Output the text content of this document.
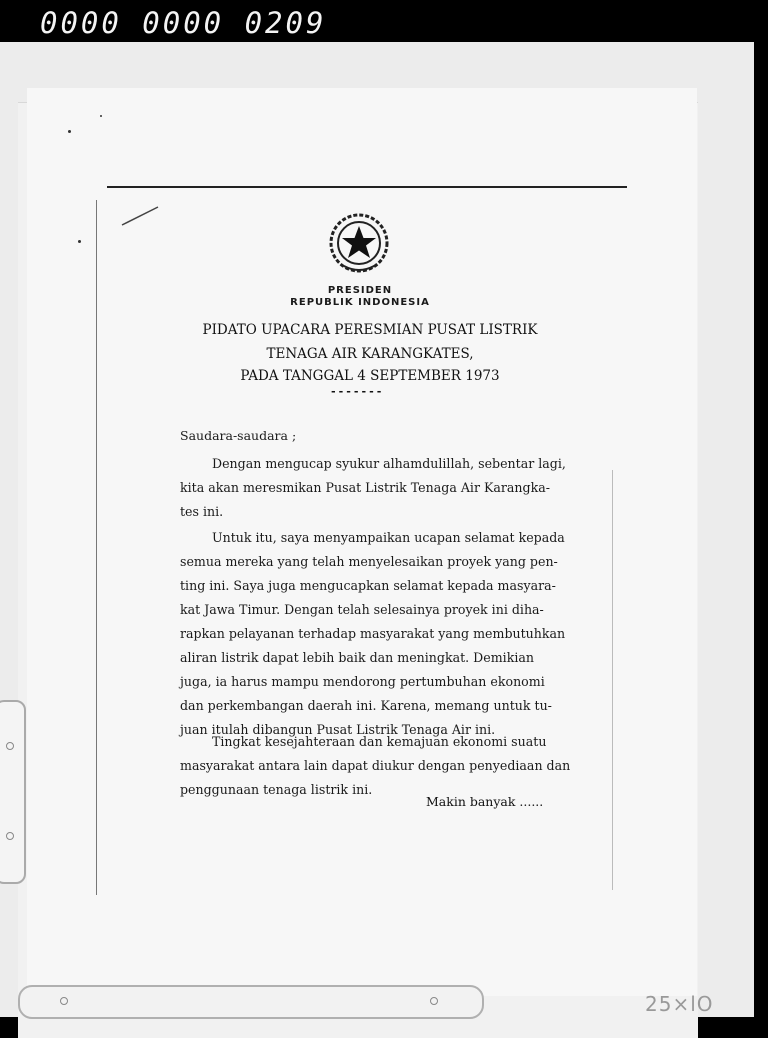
0000 0000 0209
PRESIDEN
REPUBLIK INDONESIA
PIDATO UPACARA PERESMIAN PUSAT LISTRIK
TENAGA AIR KARANGKATES,
PADA TANGGAL 4 SEPTEMBER 1973
-------
Saudara-saudara ;
Dengan mengucap syukur alhamdulillah, sebentar lagi,
kita akan meresmikan Pusat Listrik Tenaga Air Karangka-
tes ini.
Untuk itu, saya menyampaikan ucapan selamat kepada
semua mereka yang telah menyelesaikan proyek yang pen-
ting ini. Saya juga mengucapkan selamat kepada masyara-
kat Jawa Timur. Dengan telah selesainya proyek ini diha-
rapkan pelayanan terhadap masyarakat yang membutuhkan
aliran listrik dapat lebih baik dan meningkat. Demikian
juga, ia harus mampu mendorong pertumbuhan ekonomi
dan perkembangan daerah ini. Karena, memang untuk tu-
juan itulah dibangun Pusat Listrik Tenaga Air ini.
Tingkat kesejahteraan dan kemajuan ekonomi suatu
masyarakat antara lain dapat diukur dengan penyediaan dan
penggunaan tenaga listrik ini.
Makin banyak ......
25×lO
